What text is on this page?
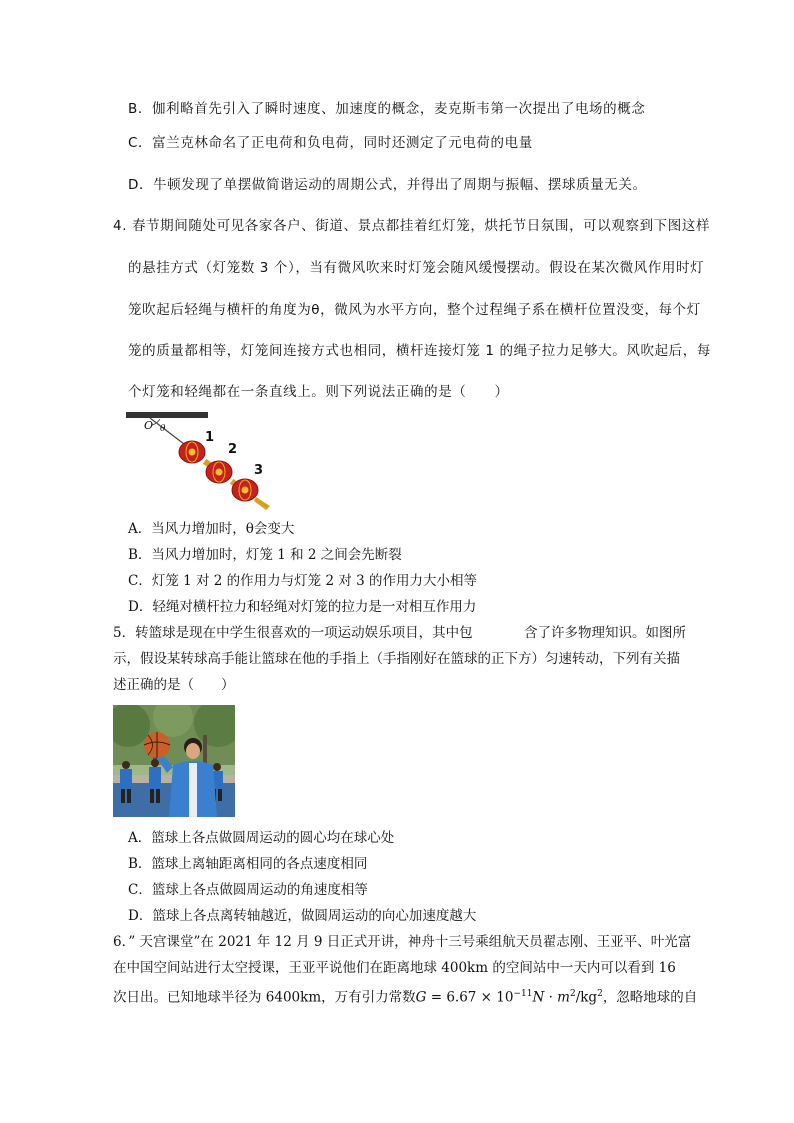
B．伽利略首先引入了瞬时速度、加速度的概念，麦克斯韦第一次提出了电场的概念
C．富兰克林命名了正电荷和负电荷，同时还测定了元电荷的电量
D．牛顿发现了单摆做简谐运动的周期公式，并得出了周期与振幅、摆球质量无关。
4. 春节期间随处可见各家各户、街道、景点都挂着红灯笼，烘托节日氛围，可以观察到下图这样
的悬挂方式（灯笼数 3 个），当有微风吹来时灯笼会随风缓慢摆动。假设在某次微风作用时灯
笼吹起后轻绳与横杆的角度为θ，微风为水平方向，整个过程绳子系在横杆位置没变，每个灯
笼的质量都相等，灯笼间连接方式也相同，横杆连接灯笼 1 的绳子拉力足够大。风吹起后，每
个灯笼和轻绳都在一条直线上。则下列说法正确的是（　　）
O θ
1
2
3
A．当风力增加时，θ会变大
B．当风力增加时，灯笼 1 和 2 之间会先断裂
C．灯笼 1 对 2 的作用力与灯笼 2 对 3 的作用力大小相等
D．轻绳对横杆拉力和轻绳对灯笼的拉力是一对相互作用力
5．转篮球是现在中学生很喜欢的一项运动娱乐项目，其中包	含了许多物理知识。如图所
示，假设某转球高手能让篮球在他的手指上（手指刚好在篮球的正下方）匀速转动，下列有关描
述正确的是（　　）
A．篮球上各点做圆周运动的圆心均在球心处
B．篮球上离轴距离相同的各点速度相同
C．篮球上各点做圆周运动的角速度相等
D．篮球上各点离转轴越近，做圆周运动的向心加速度越大
6．” 天宫课堂”在 2021 年 12 月 9 日正式开讲，神舟十三号乘组航天员翟志刚、王亚平、叶光富
在中国空间站进行太空授课，王亚平说他们在距离地球 400km 的空间站中一天内可以看到 16
次日出。已知地球半径为 6400km，万有引力常数$G = 6.67 \times 10^{-11}N \cdot m^2/kg^2$，忽略地球的自
